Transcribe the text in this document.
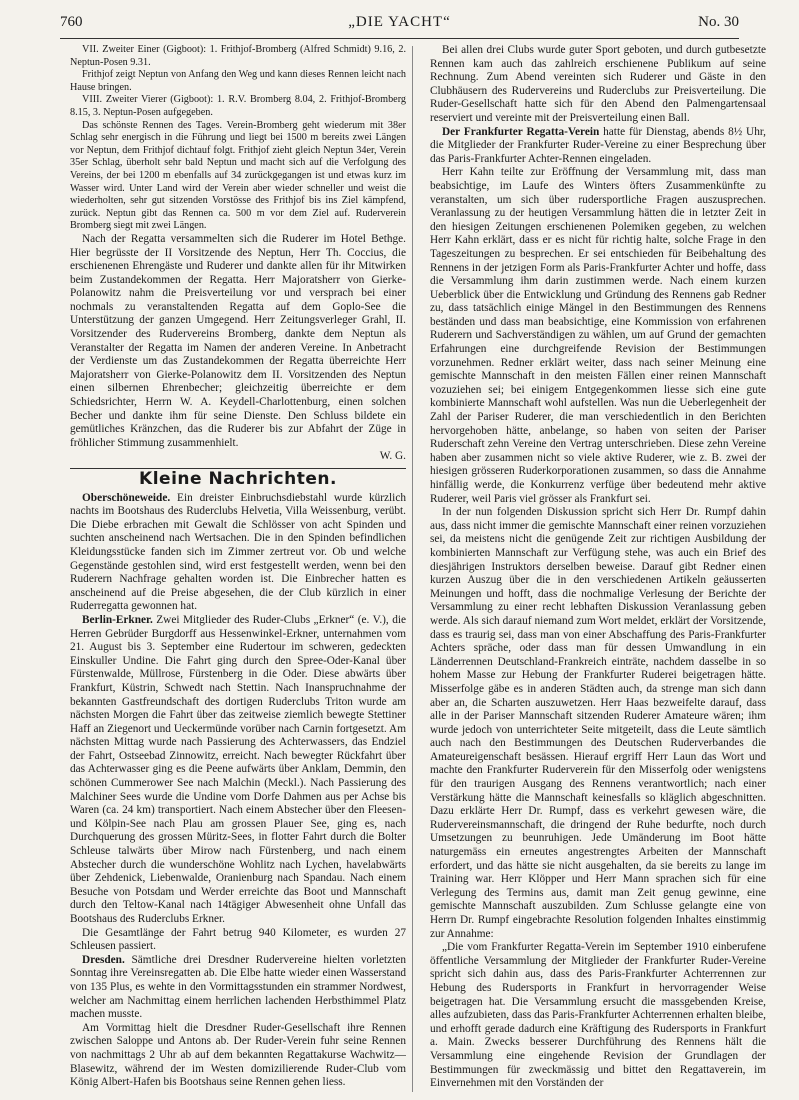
760	„DIE YACHT“	No. 30

VII. Zweiter Einer (Gigboot): 1. Frithjof-Bromberg (Alfred Schmidt) 9.16, 2. Neptun-Posen 9.31.

Frithjof zeigt Neptun von Anfang den Weg und kann dieses Rennen leicht nach Hause bringen.

VIII. Zweiter Vierer (Gigboot): 1. R.V. Bromberg 8.04, 2. Frithjof-Bromberg 8.15, 3. Neptun-Posen aufgegeben.

Das schönste Rennen des Tages. Verein-Bromberg geht wiederum mit 38er Schlag sehr energisch in die Führung und liegt bei 1500 m bereits zwei Längen vor Neptun, dem Frithjof dichtauf folgt. Frithjof zieht gleich Neptun 34er, Verein 35er Schlag, überholt sehr bald Neptun und macht sich auf die Verfolgung des Vereins, der bei 1200 m ebenfalls auf 34 zurückgegangen ist und etwas kurz im Wasser wird. Unter Land wird der Verein aber wieder schneller und weist die wiederholten, sehr gut sitzenden Vorstösse des Frithjof bis ins Ziel kämpfend, zurück. Neptun gibt das Rennen ca. 500 m vor dem Ziel auf. Ruderverein Bromberg siegt mit zwei Längen.

Nach der Regatta versammelten sich die Ruderer im Hotel Bethge. Hier begrüsste der II Vorsitzende des Neptun, Herr Th. Coccius, die erschienenen Ehrengäste und Ruderer und dankte allen für ihr Mitwirken beim Zustandekommen der Regatta. Herr Majoratsherr von Gierke-Polanowitz nahm die Preisverteilung vor und versprach bei einer nochmals zu veranstaltenden Regatta auf dem Goplo-See die Unterstützung der ganzen Umgegend. Herr Zeitungsverleger Grahl, II. Vorsitzender des Rudervereins Bromberg, dankte dem Neptun als Veranstalter der Regatta im Namen der anderen Vereine. In Anbetracht der Verdienste um das Zustandekommen der Regatta überreichte Herr Majoratsherr von Gierke-Polanowitz dem II. Vorsitzenden des Neptun einen silbernen Ehrenbecher; gleichzeitig überreichte er dem Schiedsrichter, Herrn W. A. Keydell-Charlottenburg, einen solchen Becher und dankte ihm für seine Dienste. Den Schluss bildete ein gemütliches Kränzchen, das die Ruderer bis zur Abfahrt der Züge in fröhlicher Stimmung zusammenhielt.

W. G.

Kleine Nachrichten.

Oberschöneweide. Ein dreister Einbruchsdiebstahl wurde kürzlich nachts im Bootshaus des Ruderclubs Helvetia, Villa Weissenburg, verübt. Die Diebe erbrachen mit Gewalt die Schlösser von acht Spinden und suchten anscheinend nach Wertsachen. Die in den Spinden befindlichen Kleidungsstücke fanden sich im Zimmer zertreut vor. Ob und welche Gegenstände gestohlen sind, wird erst festgestellt werden, wenn bei den Ruderern Nachfrage gehalten worden ist. Die Einbrecher hatten es anscheinend auf die Preise abgesehen, die der Club kürzlich in einer Ruderregatta gewonnen hat.

Berlin-Erkner. Zwei Mitglieder des Ruder-Clubs „Erkner“ (e. V.), die Herren Gebrüder Burgdorff aus Hessenwinkel-Erkner, unternahmen vom 21. August bis 3. September eine Rudertour im schweren, gedeckten Einskuller Undine. Die Fahrt ging durch den Spree-Oder-Kanal über Fürstenwalde, Müllrose, Fürstenberg in die Oder. Diese abwärts über Frankfurt, Küstrin, Schwedt nach Stettin. Nach Inanspruchnahme der bekannten Gastfreundschaft des dortigen Ruderclubs Triton wurde am nächsten Morgen die Fahrt über das zeitweise ziemlich bewegte Stettiner Haff an Ziegenort und Ueckermünde vorüber nach Carnin fortgesetzt. Am nächsten Mittag wurde nach Passierung des Achterwassers, das Endziel der Fahrt, Ostseebad Zinnowitz, erreicht. Nach bewegter Rückfahrt über das Achterwasser ging es die Peene aufwärts über Anklam, Demmin, den schönen Cummerower See nach Malchin (Meckl.). Nach Passierung des Malchiner Sees wurde die Undine vom Dorfe Dahmen aus per Achse bis Waren (ca. 24 km) transportiert. Nach einem Abstecher über den Fleesen- und Kölpin-See nach Plau am grossen Plauer See, ging es, nach Durchquerung des grossen Müritz-Sees, in flotter Fahrt durch die Bolter Schleuse talwärts über Mirow nach Fürstenberg, und nach einem Abstecher durch die wunderschöne Wohlitz nach Lychen, havelabwärts über Zehdenick, Liebenwalde, Oranienburg nach Spandau. Nach einem Besuche von Potsdam und Werder erreichte das Boot und Mannschaft durch den Teltow-Kanal nach 14tägiger Abwesenheit ohne Unfall das Bootshaus des Ruderclubs Erkner.

Die Gesamtlänge der Fahrt betrug 940 Kilometer, es wurden 27 Schleusen passiert.

Dresden. Sämtliche drei Dresdner Rudervereine hielten vorletzten Sonntag ihre Vereinsregatten ab. Die Elbe hatte wieder einen Wasserstand von 135 Plus, es wehte in den Vormittagsstunden ein strammer Nordwest, welcher am Nachmittag einem herrlichen lachenden Herbsthimmel Platz machen musste.

Am Vormittag hielt die Dresdner Ruder-Gesellschaft ihre Rennen zwischen Saloppe und Antons ab. Der Ruder-Verein fuhr seine Rennen von nachmittags 2 Uhr ab auf dem bekannten Regattakurse Wachwitz—Blasewitz, während der im Westen domizilierende Ruder-Club vom König Albert-Hafen bis Bootshaus seine Rennen gehen liess.

Bei allen drei Clubs wurde guter Sport geboten, und durch gutbesetzte Rennen kam auch das zahlreich erschienene Publikum auf seine Rechnung. Zum Abend vereinten sich Ruderer und Gäste in den Clubhäusern des Rudervereins und Ruderclubs zur Preisverteilung. Die Ruder-Gesellschaft hatte sich für den Abend den Palmengartensaal reserviert und vereinte mit der Preisverteilung einen Ball.

Der Frankfurter Regatta-Verein hatte für Dienstag, abends 8½ Uhr, die Mitglieder der Frankfurter Ruder-Vereine zu einer Besprechung über das Paris-Frankfurter Achter-Rennen eingeladen.

Herr Kahn teilte zur Eröffnung der Versammlung mit, dass man beabsichtige, im Laufe des Winters öfters Zusammenkünfte zu veranstalten, um sich über rudersportliche Fragen auszusprechen. Veranlassung zu der heutigen Versammlung hätten die in letzter Zeit in den hiesigen Zeitungen erschienenen Polemiken gegeben, zu welchen Herr Kahn erklärt, dass er es nicht für richtig halte, solche Frage in den Tageszeitungen zu besprechen. Er sei entschieden für Beibehaltung des Rennens in der jetzigen Form als Paris-Frankfurter Achter und hoffe, dass die Versammlung ihm darin zustimmen werde. Nach einem kurzen Ueberblick über die Entwicklung und Gründung des Rennens gab Redner zu, dass tatsächlich einige Mängel in den Bestimmungen des Rennens beständen und dass man beabsichtige, eine Kommission von erfahrenen Ruderern und Sachverständigen zu wählen, um auf Grund der gemachten Erfahrungen eine durchgreifende Revision der Bestimmungen vorzunehmen. Redner erklärt weiter, dass nach seiner Meinung eine gemischte Mannschaft in den meisten Fällen einer reinen Mannschaft vozuziehen sei; bei einigem Entgegenkommen liesse sich eine gute kombinierte Mannschaft wohl aufstellen. Was nun die Ueberlegenheit der Zahl der Pariser Ruderer, die man verschiedentlich in den Berichten hervorgehoben hätte, anbelange, so haben von seiten der Pariser Ruderschaft zehn Vereine den Vertrag unterschrieben. Diese zehn Vereine haben aber zusammen nicht so viele aktive Ruderer, wie z. B. zwei der hiesigen grösseren Ruderkorporationen zusammen, so dass die Annahme hinfällig werde, die Konkurrenz verfüge über bedeutend mehr aktive Ruderer, weil Paris viel grösser als Frankfurt sei.

In der nun folgenden Diskussion spricht sich Herr Dr. Rumpf dahin aus, dass nicht immer die gemischte Mannschaft einer reinen vorzuziehen sei, da meistens nicht die genügende Zeit zur richtigen Ausbildung der kombinierten Mannschaft zur Verfügung stehe, was auch ein Brief des diesjährigen Instruktors derselben beweise. Darauf gibt Redner einen kurzen Auszug über die in den verschiedenen Artikeln geäusserten Meinungen und hofft, dass die nochmalige Verlesung der Berichte der Versammlung zu einer recht lebhaften Diskussion Veranlassung geben werde. Als sich darauf niemand zum Wort meldet, erklärt der Vorsitzende, dass es traurig sei, dass man von einer Abschaffung des Paris-Frankfurter Achters spräche, oder dass man für dessen Umwandlung in ein Länderrennen Deutschland-Frankreich einträte, nachdem dasselbe in so hohem Masse zur Hebung der Frankfurter Ruderei beigetragen hätte. Misserfolge gäbe es in anderen Städten auch, da strenge man sich dann aber an, die Scharten auszuwetzen. Herr Haas bezweifelte darauf, dass alle in der Pariser Mannschaft sitzenden Ruderer Amateure wären; ihm wurde jedoch von unterrichteter Seite mitgeteilt, dass die Leute sämtlich auch nach den Bestimmungen des Deutschen Ruderverbandes die Amateureigenschaft besässen. Hierauf ergriff Herr Laun das Wort und machte den Frankfurter Ruderverein für den Misserfolg oder wenigstens für den traurigen Ausgang des Rennens verantwortlich; nach einer Verstärkung hätte die Mannschaft keinesfalls so kläglich abgeschnitten. Dazu erklärte Herr Dr. Rumpf, dass es verkehrt gewesen wäre, die Rudervereinsmannschaft, die dringend der Ruhe bedurfte, noch durch Umsetzungen zu beunruhigen. Jede Umänderung im Boot hätte naturgemäss ein erneutes angestrengtes Arbeiten der Mannschaft erfordert, und das hätte sie nicht ausgehalten, da sie bereits zu lange im Training war. Herr Klöpper und Herr Mann sprachen sich für eine Verlegung des Termins aus, damit man Zeit genug gewinne, eine gemischte Mannschaft auszubilden. Zum Schlusse gelangte eine von Herrn Dr. Rumpf eingebrachte Resolution folgenden Inhaltes einstimmig zur Annahme:

„Die vom Frankfurter Regatta-Verein im September 1910 einberufene öffentliche Versammlung der Mitglieder der Frankfurter Ruder-Vereine spricht sich dahin aus, dass des Paris-Frankfurter Achterrennen zur Hebung des Rudersports in Frankfurt in hervorragender Weise beigetragen hat. Die Versammlung ersucht die massgebenden Kreise, alles aufzubieten, dass das Paris-Frankfurter Achterrennen erhalten bleibe, und erhofft gerade dadurch eine Kräftigung des Rudersports in Frankfurt a. Main. Zwecks besserer Durchführung des Rennens hält die Versammlung eine eingehende Revision der Grundlagen der Bestimmungen für zweckmässig und bittet den Regattaverein, im Einvernehmen mit den Vorständen der
